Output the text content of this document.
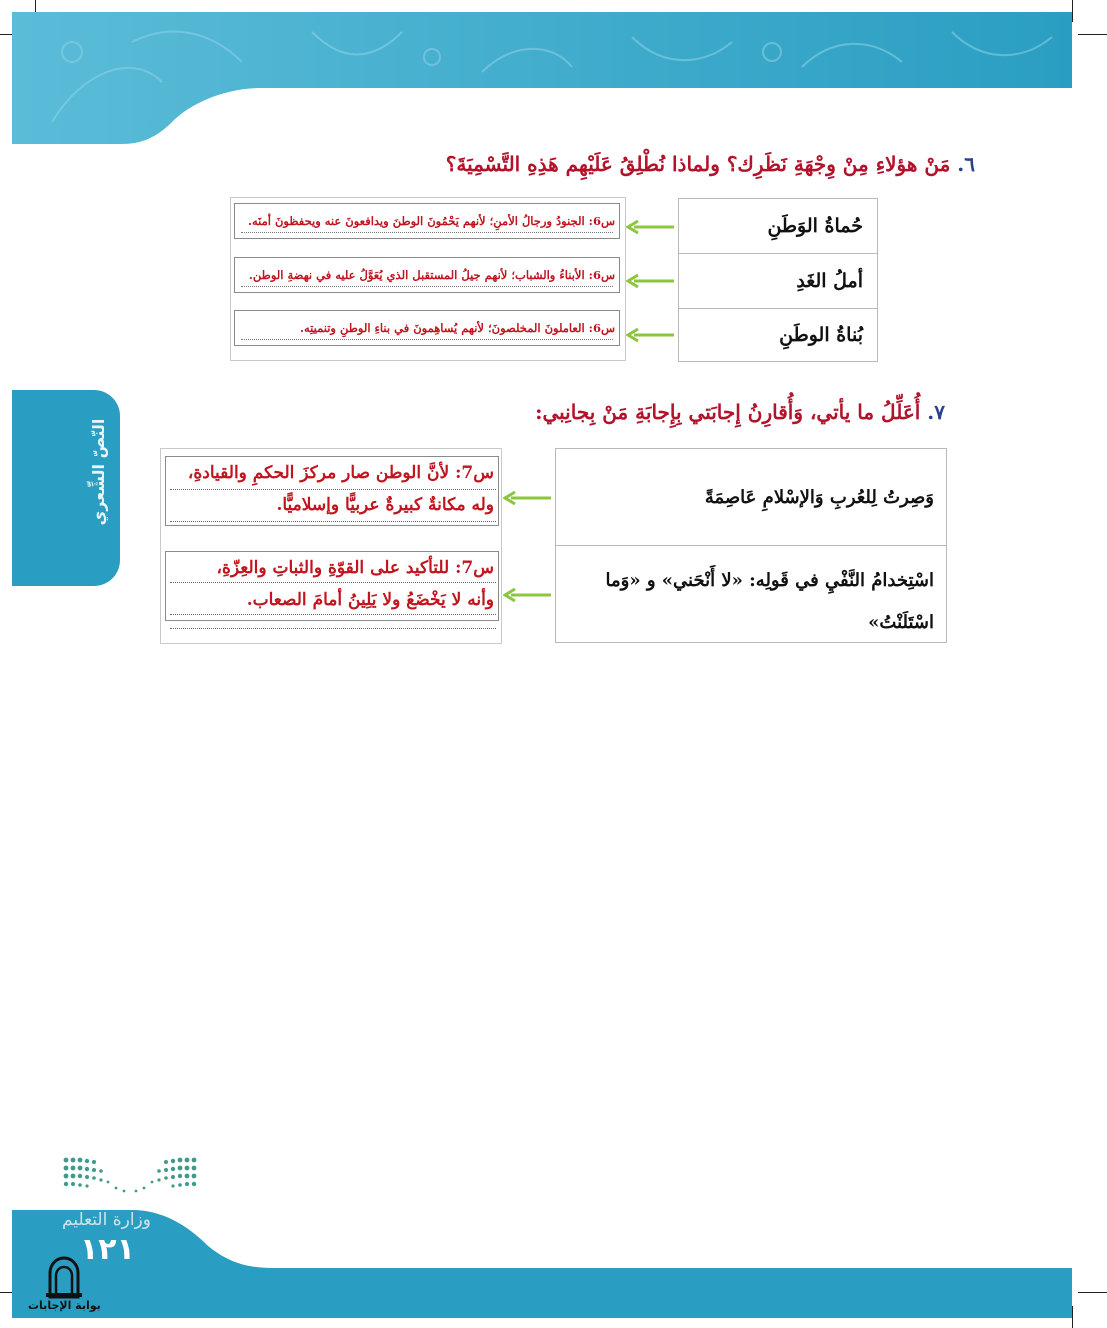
٦. مَنْ هؤلاءِ مِنْ وِجْهَةِ نَظَرِك؟ ولماذا نُطْلِقُ عَلَيْهِم هَذِهِ التَّسْمِيَةَ؟
حُماةُ الوَطَنِ
أملُ الغَدِ
بُناةُ الوطَنِ
س6: الجنودُ ورجالُ الأمنِ؛ لأنهم يَحْمُونَ الوطنَ ويدافعونَ عنه ويحفظونَ أمنَه.
س6: الأبناءُ والشباب؛ لأنهم جيلُ المستقبل الذي يُعَوَّلُ عليه في نهضةِ الوطن.
س6: العاملونَ المخلصونَ؛ لأنهم يُساهِمونَ في بناءِ الوطنِ وتنميتِه.
٧. أُعَلِّلُ ما يأتي، وَأُقارِنُ إِجابَتي بِإِجابَةِ مَنْ بِجانِبي:
وَصِرتُ لِلعُربِ وَالإسْلامِ عَاصِمَةً
اسْتِخدامُ النَّفْيِ في قَولِه: «لا أَنْحَني» و «وَما
اسْتَلَنْتُ»
س7: لأنَّ الوطن صار مركزَ الحكمِ والقيادةِ،
وله مكانةٌ كبيرةٌ عربيًّا وإسلاميًّا.
س7: للتأكيد على القوّةِ والثباتِ والعِزّةِ،
وأنه لا يَخْضَعُ ولا يَلِينُ أمامَ الصعاب.
النّصّ الشِّعري
وزارة التعليم
١٢١
بوابة الإجابات
